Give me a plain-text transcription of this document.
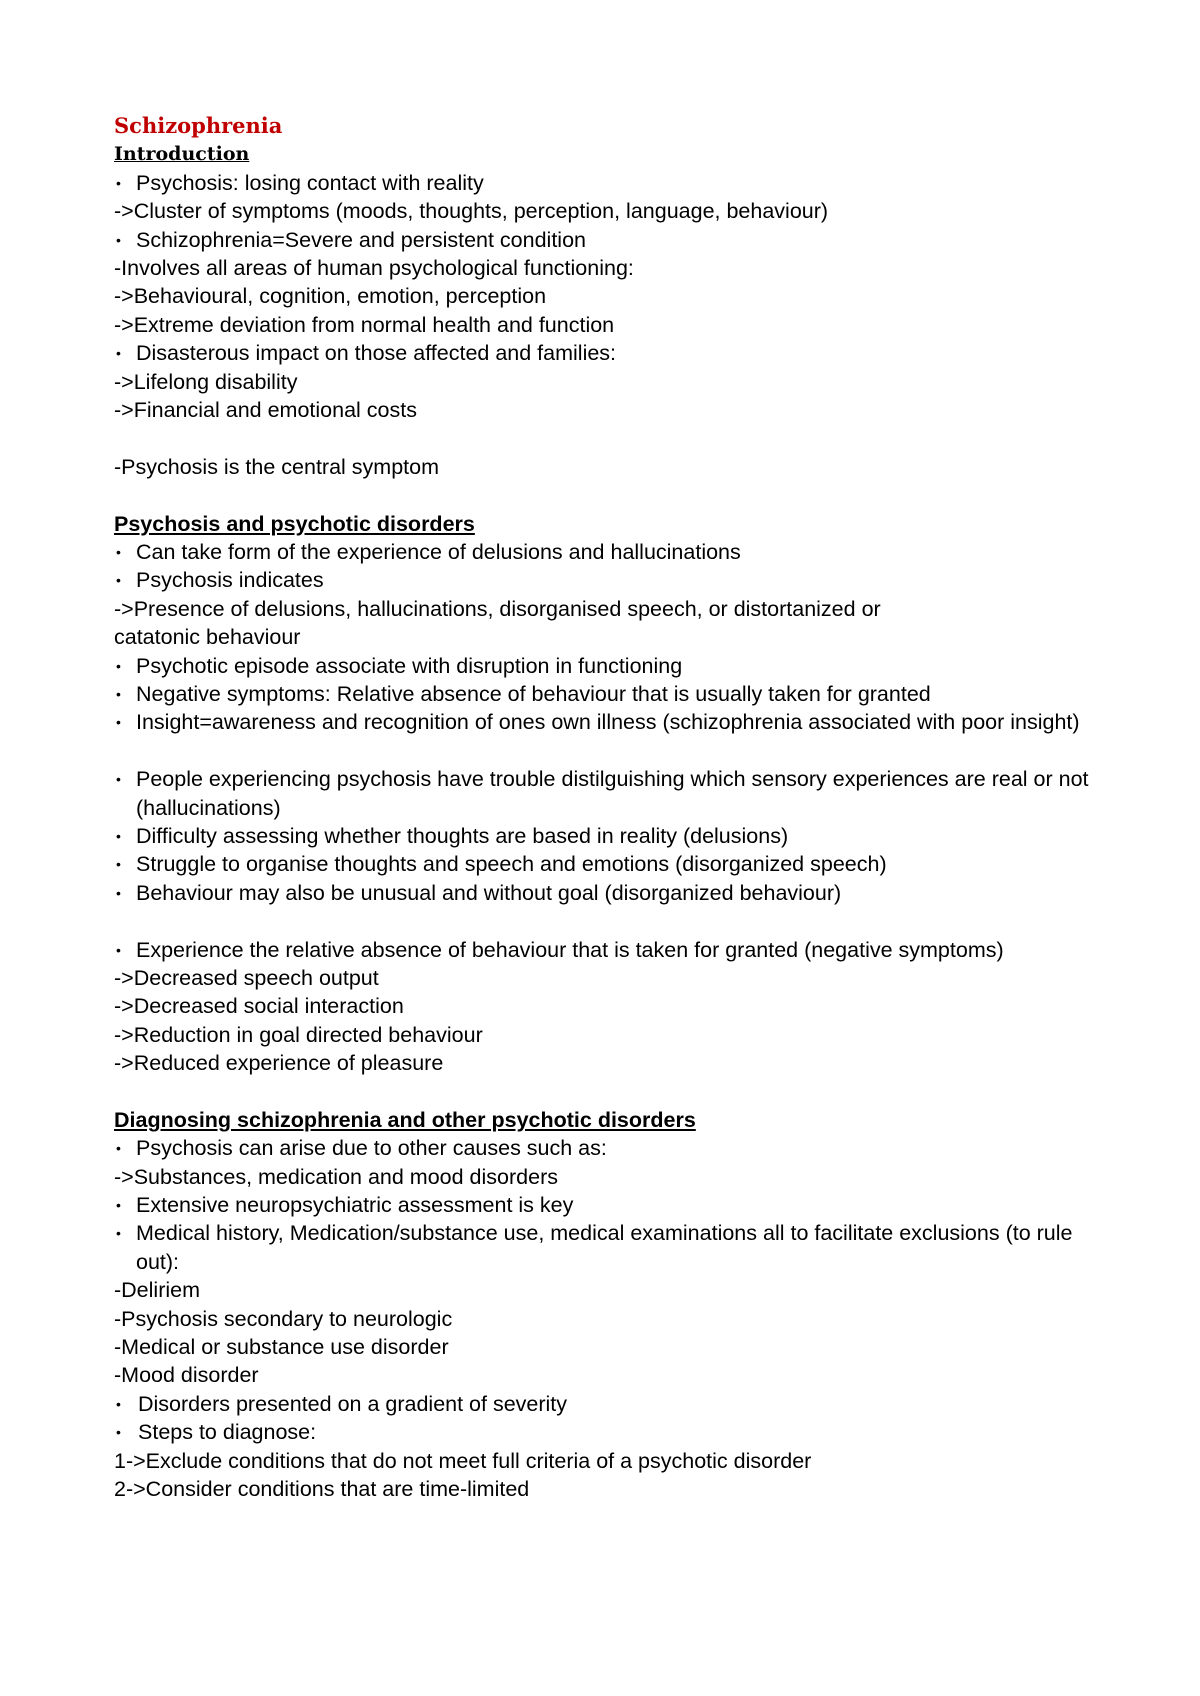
Schizophrenia
Introduction
• Psychosis: losing contact with reality
->Cluster of symptoms (moods, thoughts, perception, language, behaviour)
• Schizophrenia=Severe and persistent condition
-Involves all areas of human psychological functioning:
->Behavioural, cognition, emotion, perception
->Extreme deviation from normal health and function
• Disasterous impact on those affected and families:
->Lifelong disability
->Financial and emotional costs
-Psychosis is the central symptom
Psychosis and psychotic disorders
• Can take form of the experience of delusions and hallucinations
• Psychosis indicates
->Presence of delusions, hallucinations, disorganised speech, or distortanized or
catatonic behaviour
• Psychotic episode associate with disruption in functioning
• Negative symptoms: Relative absence of behaviour that is usually taken for granted
• Insight=awareness and recognition of ones own illness (schizophrenia associated with poor insight)
• People experiencing psychosis have trouble distilguishing which sensory experiences are real or not (hallucinations)
• Difficulty assessing whether thoughts are based in reality (delusions)
• Struggle to organise thoughts and speech and emotions (disorganized speech)
• Behaviour may also be unusual and without goal (disorganized behaviour)
• Experience the relative absence of behaviour that is taken for granted (negative symptoms)
->Decreased speech output
->Decreased social interaction
->Reduction in goal directed behaviour
->Reduced experience of pleasure
Diagnosing schizophrenia and other psychotic disorders
• Psychosis can arise due to other causes such as:
->Substances, medication and mood disorders
• Extensive neuropsychiatric assessment is key
• Medical history, Medication/substance use, medical examinations all to facilitate exclusions (to rule out):
-Deliriem
-Psychosis secondary to neurologic
-Medical or substance use disorder
-Mood disorder
• Disorders presented on a gradient of severity
• Steps to diagnose:
1->Exclude conditions that do not meet full criteria of a psychotic disorder
2->Consider conditions that are time-limited
